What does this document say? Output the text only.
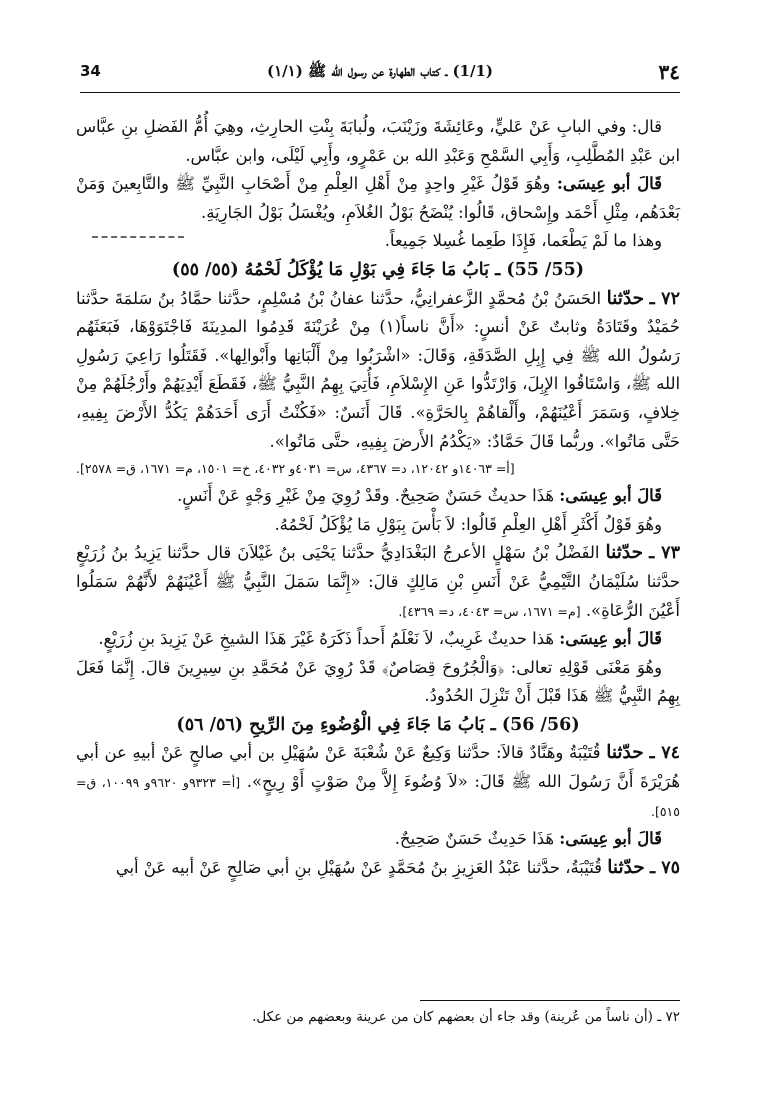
34	(1/1) ـ كتاب الطهارة عن رسول الله ﷺ (١/١)	٣٤

قال: وفي البابِ عَنْ عَليٍّ، وعَائِشَةَ وزَيْنَبَ، ولُبابَةَ بِنْتِ الحارِثِ، وهِيَ أُمُّ الفَضلِ بنِ عبَّاس ابن عَبْدِ المُطَّلِبِ، وَأَبِي السَّمْحِ وَعَبْدِ الله بن عَمْرٍو، وأَبِي لَيْلَى، وابن عبَّاس.

قَالَ أبو عِيسَى: وهُوَ قَوْلُ غَيْرِ واحِدٍ مِنْ أَهْلِ العِلْمِ مِنْ أَصْحَابِ النَّبِيِّ ﷺ والتَّابِعينَ وَمَنْ بَعْدَهُم، مِثْلِ أَحْمَد وإِسْحاق، قَالُوا: يُنْضَحُ بَوْلُ الغُلاَمِ، ويُغْسَلُ بَوْلُ الجَارِيَةِ.

وهذا ما لَمْ يَطْعَما، فَإِذَا طَعِما غُسِلا جَمِيعاً.

(55/ 55) ـ بَابُ مَا جَاءَ فِي بَوْلِ مَا يُؤْكَلُ لَحْمُهُ (٥٥/ ٥٥)

٧٢ ـ حدّثنا الحَسَنُ بْنُ مُحمَّدٍ الزَّعفرانِيُّ، حدَّثنا عفانُ بْنُ مُسْلِمٍ، حدَّثنا حمَّادُ بنُ سَلمَةَ حدَّثنا حُمَيْدٌ وقَتَادَةُ وثابتٌ عَنْ أنسٍ: «أَنَّ ناساً(١) مِنْ عُرَيْنَةَ قَدِمُوا المدِينَةَ فَاجْتَوَوْهَا، فَبَعَثَهُم رَسُولُ الله ﷺ فِي إِبِلِ الصَّدَقَةِ، وَقَالَ: «اشْرَبُوا مِنْ أَلْبَانِها وأَبْوالِها». فَقَتَلُوا رَاعِيَ رَسُولِ الله ﷺ، وَاسْتَاقُوا الإِبِلَ، وَارْتَدُّوا عَنِ الإِسْلاَمِ، فَأُتِيَ بِهِمُ النَّبِيُّ ﷺ، فَقَطَعَ أَيْدِيَهُمْ وأَرْجُلَهُمْ مِنْ خِلافٍ، وَسَمَرَ أَعْيُنَهُمْ، وأَلْقاهُمْ بِالحَرَّةِ». قَالَ أَنَسٌ: «فَكُنْتُ أَرَى أَحَدَهُمْ يَكُدُّ الأَرْضَ بِفِيهِ، حَتَّى مَاتُوا». وربُّما قَالَ حَمَّادٌ: «يَكْدُمُ الأَرضَ بِفِيهِ، حتَّى مَاتُوا».

[أ= ١٤٠٦٣و ١٢٠٤٢، د= ٤٣٦٧، س= ٤٠٣١و ٤٠٣٢، خ= ١٥٠١، م= ١٦٧١، ق= ٢٥٧٨].

قَالَ أبو عِيسَى: هَذَا حديثٌ حَسَنٌ صَحِيحٌ. وقَدْ رُوِيَ مِنْ غَيْرِ وَجْهٍ عَنْ أَنَسٍ.

وهُوَ قَوْلُ أَكْثَرِ أَهْلِ العِلْمِ قَالُوا: لاَ بَأْسَ بِبَوْلِ مَا يُؤْكَلُ لَحْمُهُ.

٧٣ ـ حدّثنا الفَضْلُ بْنُ سَهْلٍ الأعرجُ البَغْدَادِيُّ حدَّثنا يَحْيَى بنُ غَيْلاَنَ قال حدَّثنا يَزِيدُ بنُ زُرَيْعٍ حدَّثنا سُلَيْمَانُ التَّيْمِيُّ عَنْ أَنَسِ بْنِ مَالِكٍ قالَ: «إِنَّمَا سَمَلَ النَّبِيُّ ﷺ أَعْيُنَهُمْ لأَنَّهُمْ سَمَلُوا أَعْيُنَ الرُّعَاةِ». [م= ١٦٧١، س= ٤٠٤٣، د= ٤٣٦٩].

قَالَ أبو عِيسَى: هَذا حديثٌ غَرِيبٌ، لاَ نَعْلَمُ أَحداً ذَكَرَهُ غَيْرَ هَذَا الشيخِ عَنْ يَزِيدَ بنِ زُرَيْعٍ.

وهُوَ مَعْنَى قَوْلِهِ تعالى: ﴿وَالْجُرُوحَ قِصَاصٌ﴾ قَدْ رُوِيَ عَنْ مُحَمَّدِ بنِ سِيرِينَ قالَ. إِنَّمَا فَعَلَ بِهِمُ النَّبِيُّ ﷺ هَذَا قَبْلَ أَنْ تَنْزِلَ الحُدُودُ.

(56/ 56) ـ بَابُ مَا جَاءَ فِي الْوُضُوءِ مِنَ الرِّيحِ (٥٦/ ٥٦)

٧٤ ـ حدّثنا قُتَيْبَةُ وهَنَّادٌ قالاَ: حدَّثنا وَكِيعٌ عَنْ شُعْبَةَ عَنْ سُهَيْلِ بن أبي صالحٍ عَنْ أبيهِ عن أبي هُرَيْرَةَ أَنَّ رَسُولَ الله ﷺ قَالَ: «لاَ وُضُوءَ إِلاَّ مِنْ صَوْتٍ أَوْ رِيحٍ». [أ= ٩٣٢٣و ٩٦٢٠و ١٠٠٩٩، ق= ٥١٥].

قَالَ أبو عِيسَى: هَذَا حَدِيثٌ حَسَنٌ صَحِيحٌ.

٧٥ ـ حدّثنا قُتَيْبَةُ، حدَّثنا عَبْدُ العَزِيزِ بنُ مُحَمَّدٍ عَنْ سُهَيْلِ بنِ أبي صَالِحٍ عَنْ أبيه عَنْ أبي

٧٢ ـ (أن ناساً من عُرينة) وقد جاء أن بعضهم كان من عرينة وبعضهم من عكل.
